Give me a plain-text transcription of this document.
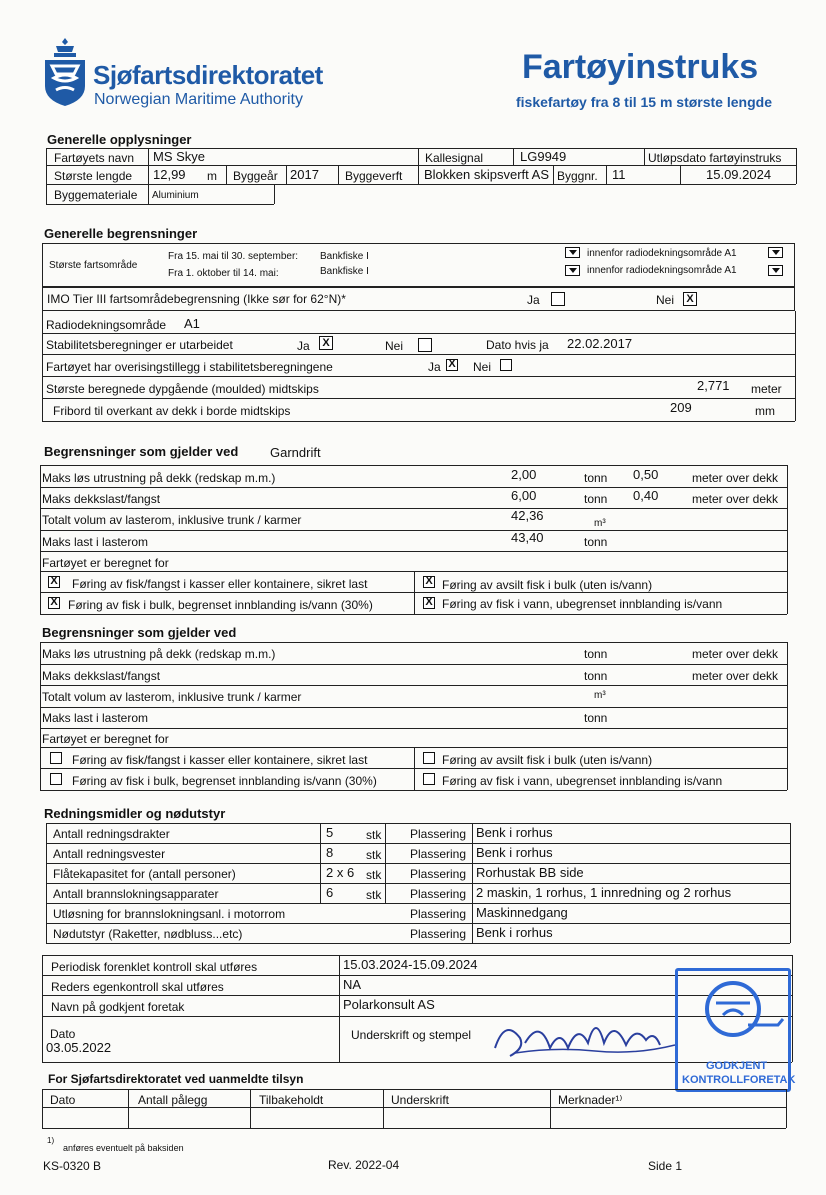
Sjøfartsdirektoratet
Norwegian Maritime Authority
Fartøyinstruks
fiskefartøy fra 8 til 15 m største lengde
Generelle opplysninger
Fartøyets navn MS Skye	Kallesignal	LG9949	Utløpsdato fartøyinstruks
Største lengde 12,99 m Byggeår 2017 Byggeverft Blokken skipsverft AS Byggnr. 11	15.09.2024
Byggemateriale Aluminium
Generelle begrensninger
Største fartsområde
Fra 15. mai til 30. september: Bankfiske I
Fra 1. oktober til 14. mai:	Bankfiske I
innenfor radiodekningsområde A1
innenfor radiodekningsområde A1
IMO Tier III fartsområdebegrensning (Ikke sør for 62°N)*	Ja	Nei	X
Radiodekningsområde A1
Stabilitetsberegninger er utarbeidet	Ja	X	Nei	Dato hvis ja 22.02.2017
Fartøyet har overisingstillegg i stabilitetsberegningene	Ja X Nei
Største beregnede dypgående (moulded) midtskips	2,771 meter
Fribord til overkant av dekk i borde midtskips	209	mm
Begrensninger som gjelder ved Garndrift
Maks løs utrustning på dekk (redskap m.m.)	2,00	tonn 0,50	meter over dekk
Maks dekkslast/fangst	6,00	tonn 0,40	meter over dekk
Totalt volum av lasterom, inklusive trunk / karmer	42,36
m³
Maks last i lasterom	43,40	tonn
Fartøyet er beregnet for
X Føring av fisk/fangst i kasser eller kontainere, sikret last	X Føring av avsilt fisk i bulk (uten is/vann)
X Føring av fisk i bulk, begrenset innblanding is/vann (30%)	X Føring av fisk i vann, ubegrenset innblanding is/vann
Begrensninger som gjelder ved
Maks løs utrustning på dekk (redskap m.m.)	tonn	meter over dekk
Maks dekkslast/fangst	tonn	meter over dekk
Totalt volum av lasterom, inklusive trunk / karmer	m³
Maks last i lasterom	tonn
Fartøyet er beregnet for
Føring av fisk/fangst i kasser eller kontainere, sikret last	Føring av avsilt fisk i bulk (uten is/vann)
Føring av fisk i bulk, begrenset innblanding is/vann (30%)	Føring av fisk i vann, ubegrenset innblanding is/vann
Redningsmidler og nødutstyr
Antall redningsdrakter	5	stk Plassering Benk i rorhus
Antall redningsvester	8	stk Plassering Benk i rorhus
Flåtekapasitet for (antall personer)	2 x 6 stk Plassering Rorhustak BB side
Antall brannslokningsapparater	6	stk Plassering 2 maskin, 1 rorhus, 1 innredning og 2 rorhus
Utløsning for brannslokningsanl. i motorrom	Plassering Maskinnedgang
Nødutstyr (Raketter, nødbluss...etc)	Plassering Benk i rorhus
Periodisk forenklet kontroll skal utføres	15.03.2024-15.09.2024
Reders egenkontroll skal utføres	NA
Navn på godkjent foretak	Polarkonsult AS
Dato
03.05.2022
Underskrift og stempel
GODKJENT
KONTROLLFORETAK
For Sjøfartsdirektoratet ved uanmeldte tilsyn
Dato	Antall pålegg	Tilbakeholdt	Underskrift	Merknader¹⁾
1)
anføres eventuelt på baksiden
KS-0320 B	Rev. 2022-04	Side 1
